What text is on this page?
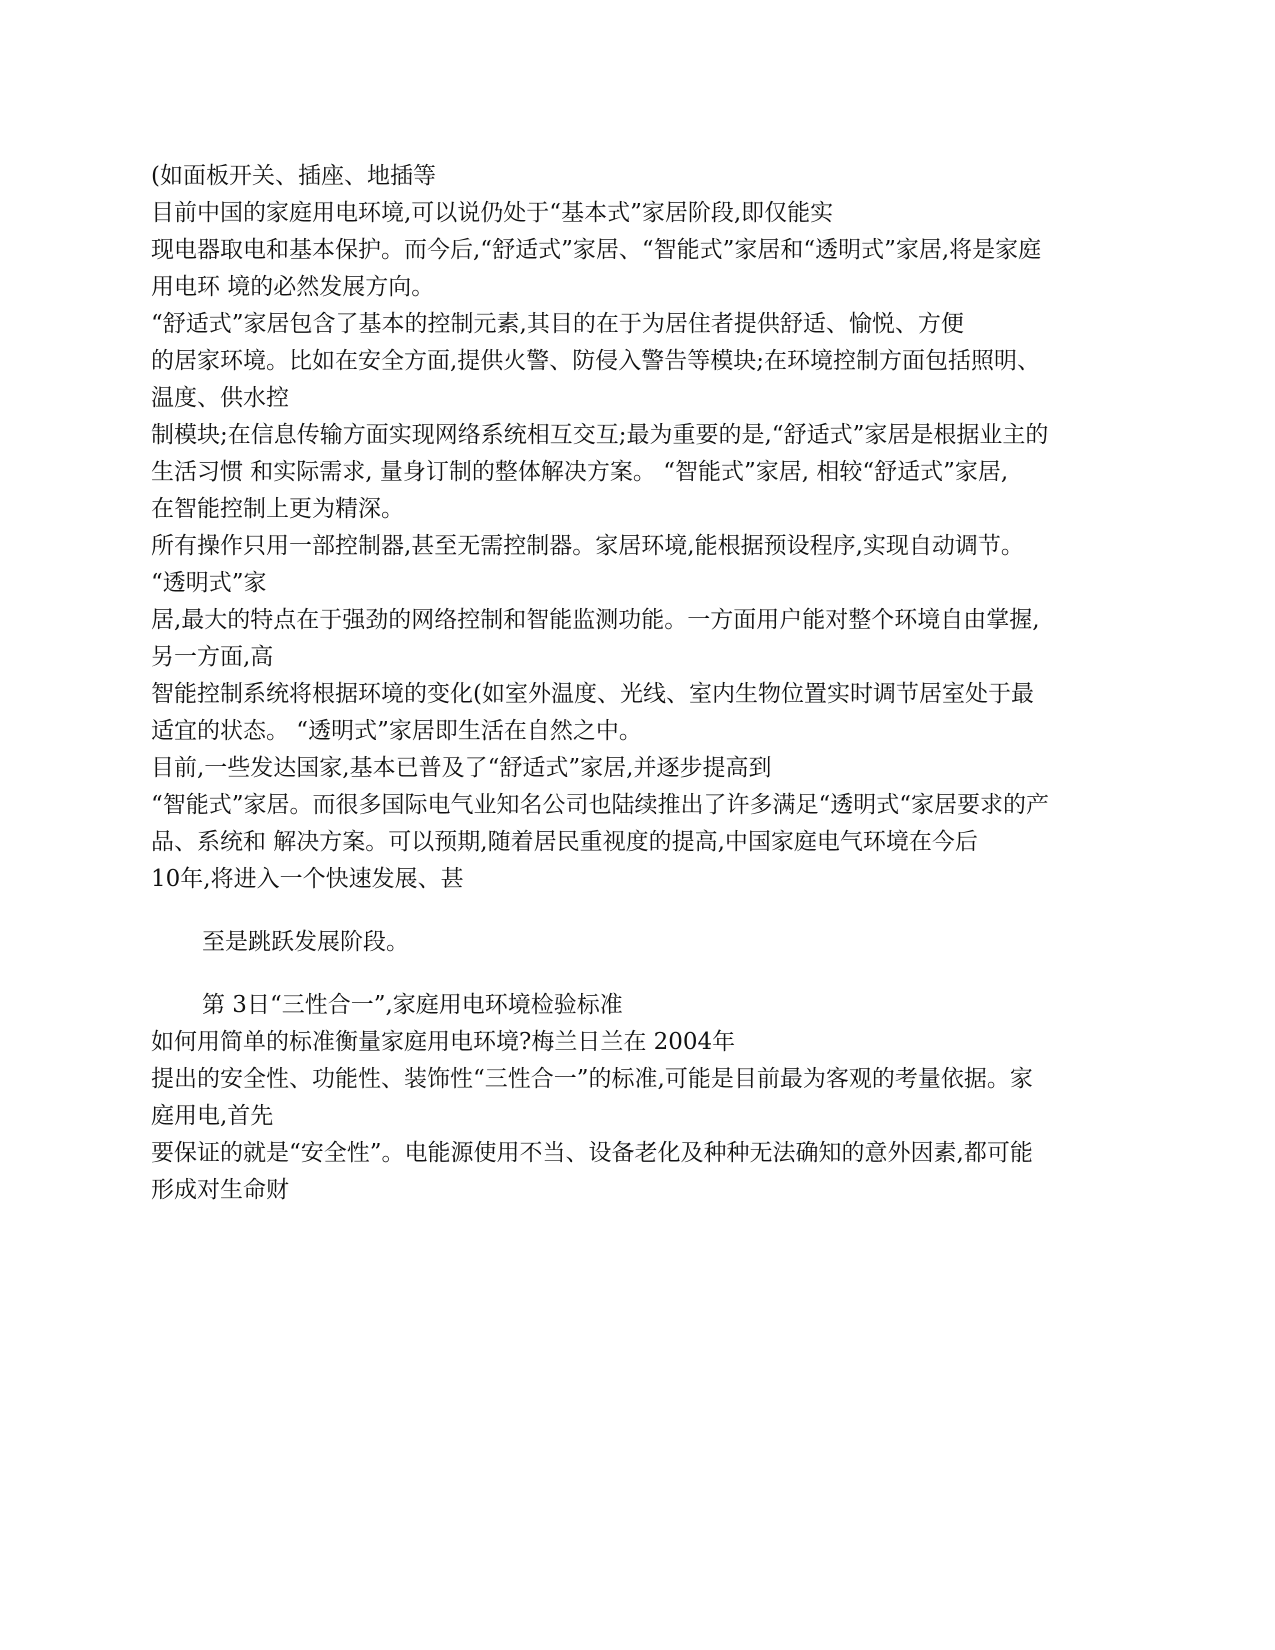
(如面板开关、插座、地插等
目前中国的家庭用电环境,可以说仍处于“基本式”家居阶段,即仅能实
现电器取电和基本保护。而今后,“舒适式”家居、“智能式”家居和“透明式”家居,将是家庭
用电环 境的必然发展方向。
“舒适式”家居包含了基本的控制元素,其目的在于为居住者提供舒适、愉悦、方便
的居家环境。比如在安全方面,提供火警、防侵入警告等模块;在环境控制方面包括照明、
温度、供水控
制模块;在信息传输方面实现网络系统相互交互;最为重要的是,“舒适式”家居是根据业主的
生活习惯 和实际需求, 量身订制的整体解决方案。 “智能式”家居, 相较“舒适式”家居,
在智能控制上更为精深。
所有操作只用一部控制器,甚至无需控制器。家居环境,能根据预设程序,实现自动调节。
“透明式”家
居,最大的特点在于强劲的网络控制和智能监测功能。一方面用户能对整个环境自由掌握,
另一方面,高
智能控制系统将根据环境的变化(如室外温度、光线、室内生物位置实时调节居室处于最
适宜的状态。 “透明式”家居即生活在自然之中。
目前,一些发达国家,基本已普及了“舒适式”家居,并逐步提高到
“智能式”家居。而很多国际电气业知名公司也陆续推出了许多满足“透明式“家居要求的产
品、系统和 解决方案。可以预期,随着居民重视度的提高,中国家庭电气环境在今后
10年,将进入一个快速发展、甚
至是跳跃发展阶段。
第 3日“三性合一”,家庭用电环境检验标准
如何用简单的标准衡量家庭用电环境?梅兰日兰在 2004年
提出的安全性、功能性、装饰性“三性合一”的标准,可能是目前最为客观的考量依据。家
庭用电,首先
要保证的就是“安全性”。电能源使用不当、设备老化及种种无法确知的意外因素,都可能
形成对生命财
